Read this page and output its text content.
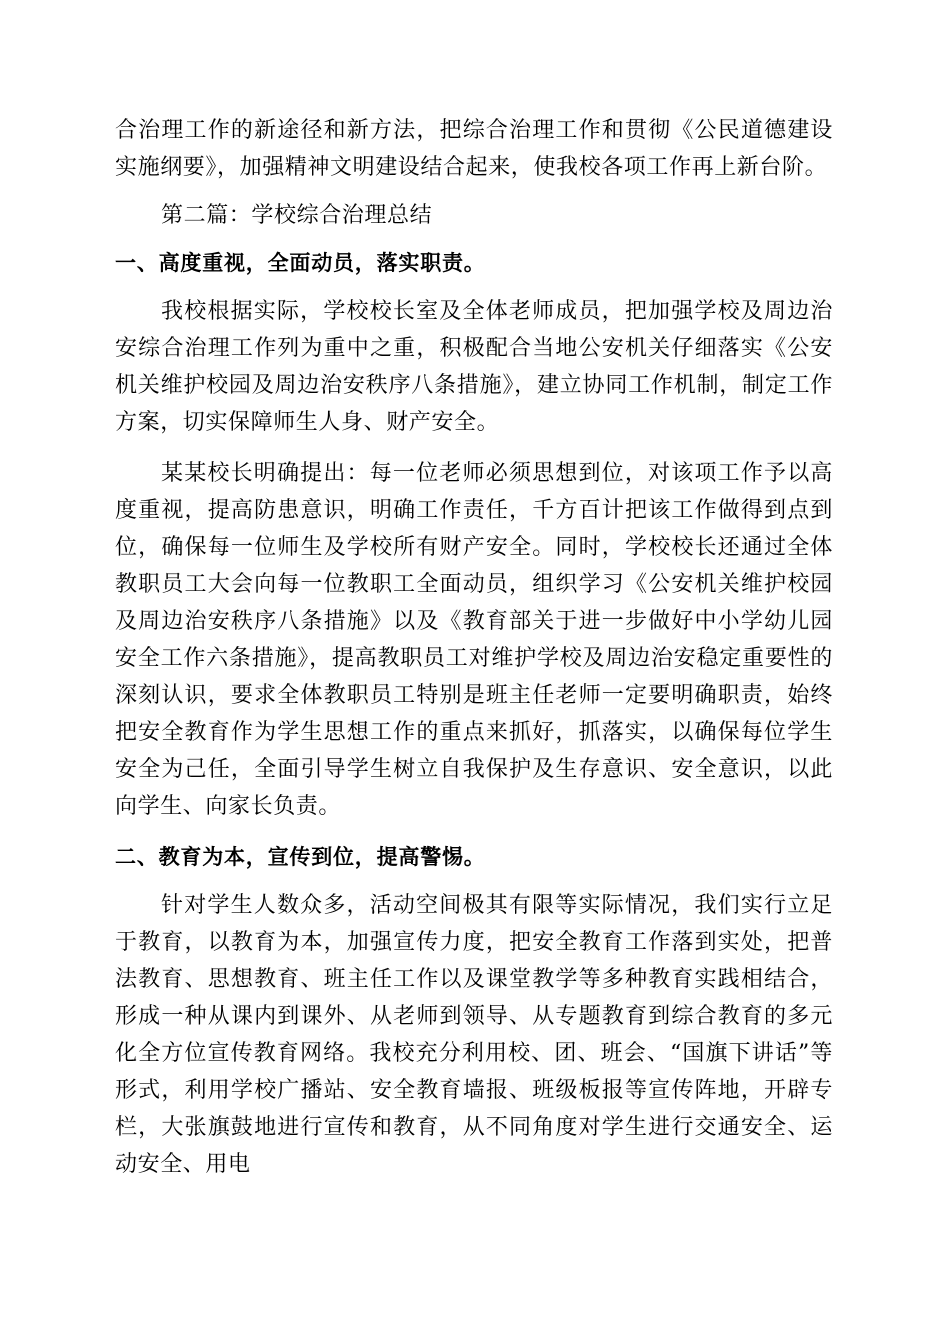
合治理工作的新途径和新方法，把综合治理工作和贯彻《公民道德建设实施纲要》，加强精神文明建设结合起来，使我校各项工作再上新台阶。

第二篇：学校综合治理总结

一、高度重视，全面动员，落实职责。

我校根据实际，学校校长室及全体老师成员，把加强学校及周边治安综合治理工作列为重中之重，积极配合当地公安机关仔细落实《公安机关维护校园及周边治安秩序八条措施》，建立协同工作机制，制定工作方案，切实保障师生人身、财产安全。

某某校长明确提出：每一位老师必须思想到位，对该项工作予以高度重视，提高防患意识，明确工作责任，千方百计把该工作做得到点到位，确保每一位师生及学校所有财产安全。同时，学校校长还通过全体教职员工大会向每一位教职工全面动员，组织学习《公安机关维护校园及周边治安秩序八条措施》以及《教育部关于进一步做好中小学幼儿园安全工作六条措施》，提高教职员工对维护学校及周边治安稳定重要性的深刻认识，要求全体教职员工特别是班主任老师一定要明确职责，始终把安全教育作为学生思想工作的重点来抓好，抓落实，以确保每位学生安全为己任，全面引导学生树立自我保护及生存意识、安全意识，以此向学生、向家长负责。

二、教育为本，宣传到位，提高警惕。

针对学生人数众多，活动空间极其有限等实际情况，我们实行立足于教育，以教育为本，加强宣传力度，把安全教育工作落到实处，把普法教育、思想教育、班主任工作以及课堂教学等多种教育实践相结合，形成一种从课内到课外、从老师到领导、从专题教育到综合教育的多元化全方位宣传教育网络。我校充分利用校、团、班会、“国旗下讲话”等形式，利用学校广播站、安全教育墙报、班级板报等宣传阵地，开辟专栏，大张旗鼓地进行宣传和教育，从不同角度对学生进行交通安全、运动安全、用电
